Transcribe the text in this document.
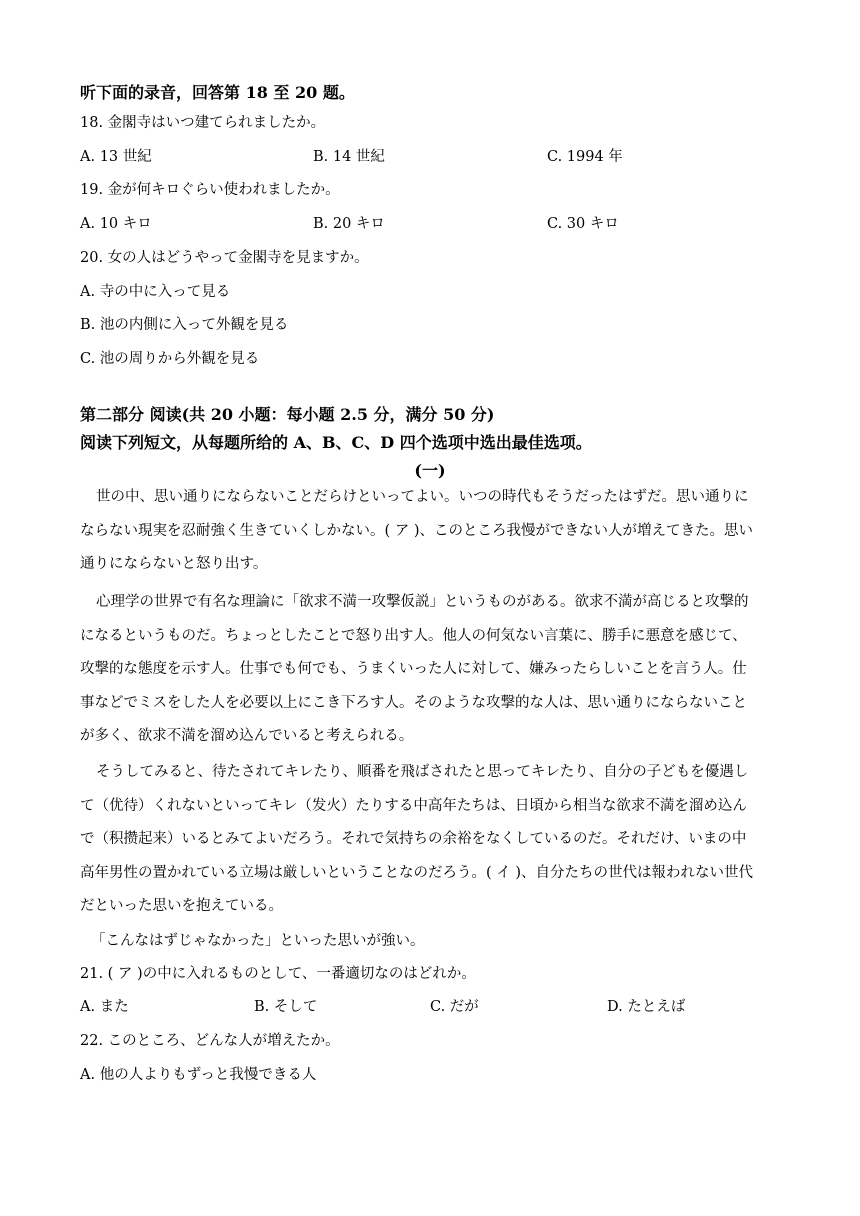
听下面的录音，回答第 18 至 20 题。
18. 金閣寺はいつ建てられましたか。
A. 13 世紀	B. 14 世紀	C. 1994 年
19. 金が何キロぐらい使われましたか。
A. 10 キロ	B. 20 キロ	C. 30 キロ
20. 女の人はどうやって金閣寺を見ますか。
A. 寺の中に入って見る
B. 池の内側に入って外観を見る
C. 池の周りから外観を見る
第二部分 阅读(共 20 小题：每小题 2.5 分，满分 50 分)
阅读下列短文，从每题所给的 A、B、C、D 四个选项中选出最佳选项。
(一)
世の中、思い通りにならないことだらけといってよい。いつの時代もそうだったはずだ。思い通りに
ならない現実を忍耐強く生きていくしかない。( ア )、このところ我慢ができない人が増えてきた。思い
通りにならないと怒り出す。
心理学の世界で有名な理論に「欲求不満一攻撃仮説」というものがある。欲求不満が高じると攻撃的
になるというものだ。ちょっとしたことで怒り出す人。他人の何気ない言葉に、勝手に悪意を感じて、
攻撃的な態度を示す人。仕事でも何でも、うまくいった人に対して、嫌みったらしいことを言う人。仕
事などでミスをした人を必要以上にこき下ろす人。そのような攻撃的な人は、思い通りにならないこと
が多く、欲求不満を溜め込んでいると考えられる。
そうしてみると、待たされてキレたり、順番を飛ばされたと思ってキレたり、自分の子どもを優遇し
て（优待）くれないといってキレ（发火）たりする中高年たちは、日頃から相当な欲求不満を溜め込ん
で（积攒起来）いるとみてよいだろう。それで気持ちの余裕をなくしているのだ。それだけ、いまの中
高年男性の置かれている立場は厳しいということなのだろう。( イ )、自分たちの世代は報われない世代
だといった思いを抱えている。
「こんなはずじゃなかった」といった思いが強い。
21. ( ア )の中に入れるものとして、一番適切なのはどれか。
A. また	B. そして	C. だが	D. たとえば
22. このところ、どんな人が増えたか。
A. 他の人よりもずっと我慢できる人
